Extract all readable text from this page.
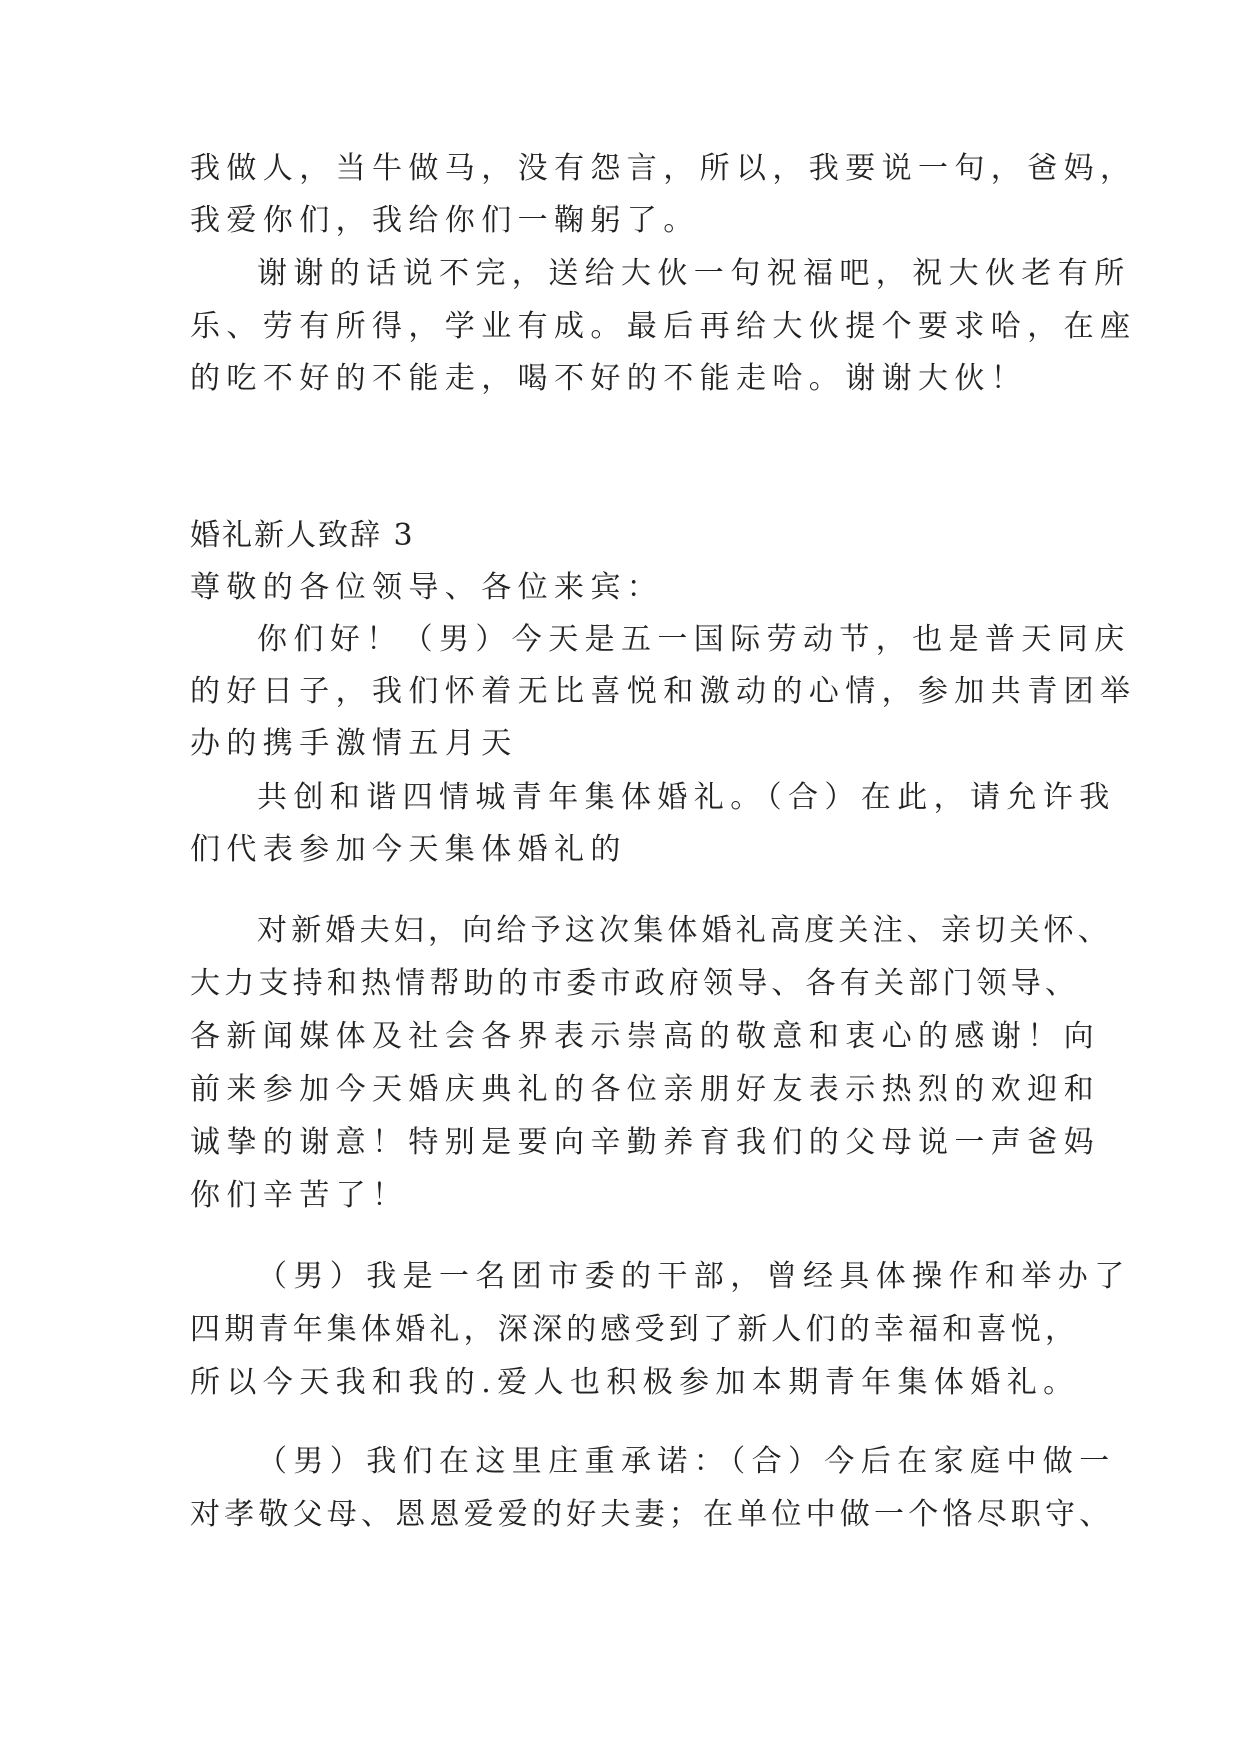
我做人，当牛做马，没有怨言，所以，我要说一句，爸妈，
我爱你们，我给你们一鞠躬了。
谢谢的话说不完，送给大伙一句祝福吧，祝大伙老有所
乐、劳有所得，学业有成。最后再给大伙提个要求哈，在座
的吃不好的不能走，喝不好的不能走哈。谢谢大伙！
婚礼新人致辞 3
尊敬的各位领导、各位来宾：
你们好！（男）今天是五一国际劳动节，也是普天同庆
的好日子，我们怀着无比喜悦和激动的心情，参加共青团举
办的携手激情五月天
共创和谐四情城青年集体婚礼。（合）在此，请允许我
们代表参加今天集体婚礼的
对新婚夫妇，向给予这次集体婚礼高度关注、亲切关怀、
大力支持和热情帮助的市委市政府领导、各有关部门领导、
各新闻媒体及社会各界表示崇高的敬意和衷心的感谢！向
前来参加今天婚庆典礼的各位亲朋好友表示热烈的欢迎和
诚挚的谢意！特别是要向辛勤养育我们的父母说一声爸妈
你们辛苦了！
（男）我是一名团市委的干部，曾经具体操作和举办了
四期青年集体婚礼，深深的感受到了新人们的幸福和喜悦，
所以今天我和我的.爱人也积极参加本期青年集体婚礼。
（男）我们在这里庄重承诺：（合）今后在家庭中做一
对孝敬父母、恩恩爱爱的好夫妻；在单位中做一个恪尽职守、
